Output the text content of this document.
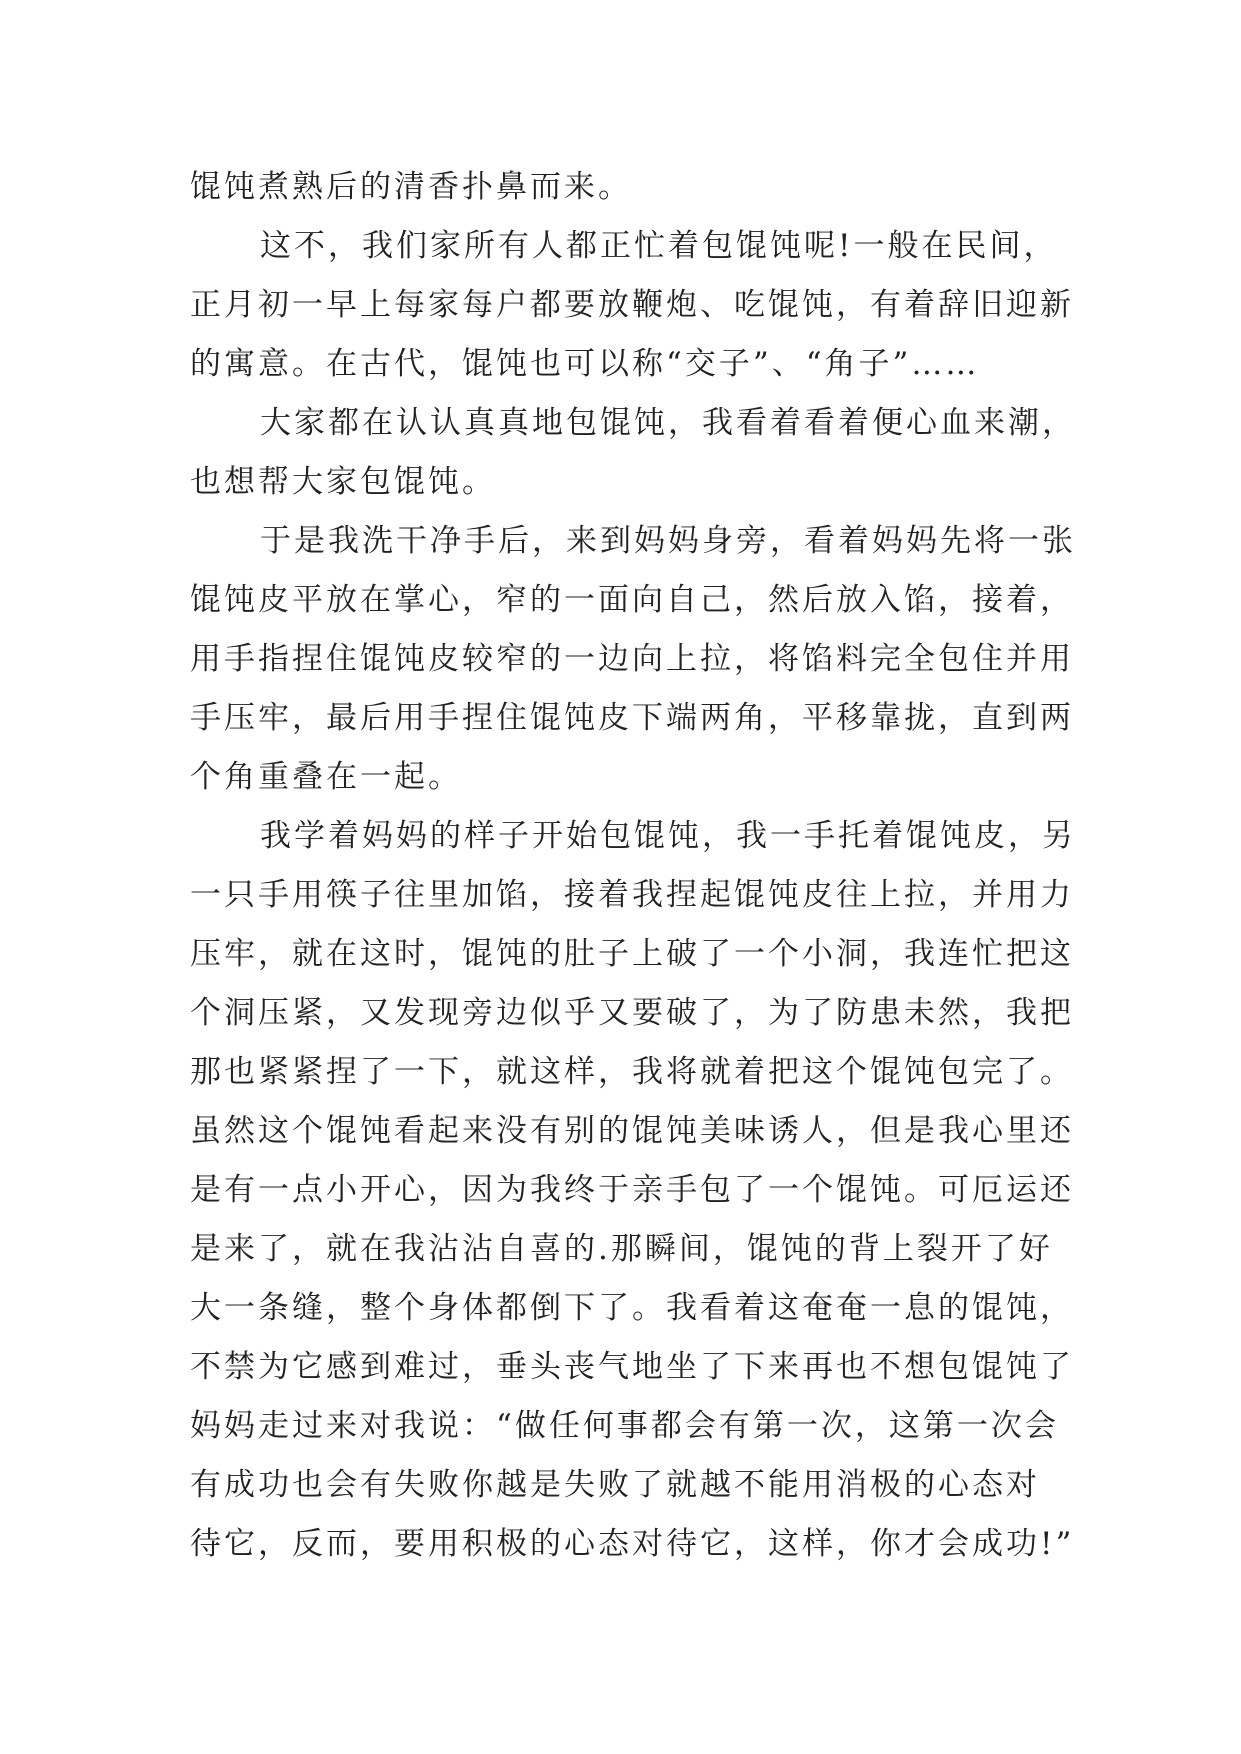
馄饨煮熟后的清香扑鼻而来。

这不，我们家所有人都正忙着包馄饨呢!一般在民间，

正月初一早上每家每户都要放鞭炮、吃馄饨，有着辞旧迎新

的寓意。在古代，馄饨也可以称“交子”、“角子”……

大家都在认认真真地包馄饨，我看着看着便心血来潮，

也想帮大家包馄饨。

于是我洗干净手后，来到妈妈身旁，看着妈妈先将一张

馄饨皮平放在掌心，窄的一面向自己，然后放入馅，接着，

用手指捏住馄饨皮较窄的一边向上拉，将馅料完全包住并用

手压牢，最后用手捏住馄饨皮下端两角，平移靠拢，直到两

个角重叠在一起。

我学着妈妈的样子开始包馄饨，我一手托着馄饨皮，另

一只手用筷子往里加馅，接着我捏起馄饨皮往上拉，并用力

压牢，就在这时，馄饨的肚子上破了一个小洞，我连忙把这

个洞压紧，又发现旁边似乎又要破了，为了防患未然，我把

那也紧紧捏了一下，就这样，我将就着把这个馄饨包完了。

虽然这个馄饨看起来没有别的馄饨美味诱人，但是我心里还

是有一点小开心，因为我终于亲手包了一个馄饨。可厄运还

是来了，就在我沾沾自喜的.那瞬间，馄饨的背上裂开了好

大一条缝，整个身体都倒下了。我看着这奄奄一息的馄饨，

不禁为它感到难过，垂头丧气地坐了下来再也不想包馄饨了

妈妈走过来对我说：“做任何事都会有第一次，这第一次会

有成功也会有失败你越是失败了就越不能用消极的心态对

待它，反而，要用积极的心态对待它，这样，你才会成功!”
